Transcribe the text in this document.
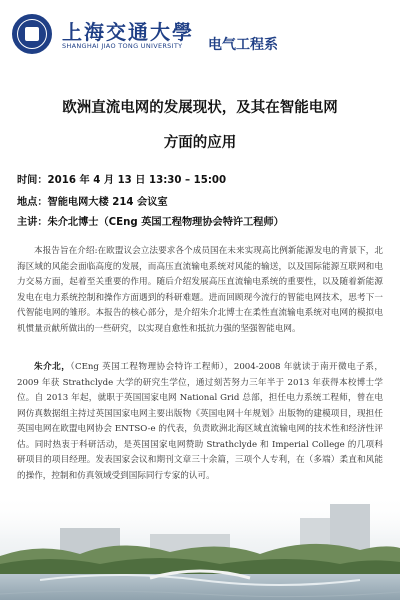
上海交通大學
SHANGHAI JIAO TONG UNIVERSITY 电气工程系
欧洲直流电网的发展现状，及其在智能电网
方面的应用
时间：2016 年 4 月 13 日 13:30 – 15:00
地点：智能电网大楼 214 会议室
主讲：朱介北博士（CEng 英国工程物理协会特许工程师）

本报告旨在介绍:在欧盟议会立法要求各个成员国在未来实现高比例新能源发电的背景下，北海区域的风能会面临高度的发展，而高压直流输电系统对风能的输送，以及国际能源互联网和电力交易方面，起着至关重要的作用。随后介绍发展高压直流输电系统的重要性，以及随着新能源发电在电力系统控制和操作方面遇到的科研难题。进而回顾现今流行的智能电网技术，思考下一代智能电网的雏形。本报告的核心部分，是介绍朱介北博士在柔性直流输电系统对电网的模拟电机惯量贡献所做出的一些研究，以实现自愈性和抵抗力强的坚强智能电网。

朱介北，（CEng 英国工程物理协会特许工程师），2004-2008 年就读于南开微电子系，2009 年获 Strathclyde 大学的研究生学位，通过刻苦努力三年半于 2013 年获得本校博士学位。自 2013 年起，就职于英国国家电网 National Grid 总部，担任电力系统工程师，曾在电网仿真数据组主持过英国国家电网主要出版物《英国电网十年规划》出版物的建模项目，现担任英国电网在欧盟电网协会 ENTSO-e 的代表，负责欧洲北海区域直流输电网的技术性和经济性评估。同时热衷于科研活动，是英国国家电网赞助 Strathclyde 和 Imperial College 的几项科研项目的项目经理。发表国家会议和期刊文章三十余篇，三项个人专利，在（多端）柔直和风能的操作，控制和仿真领域受到国际同行专家的认可。
